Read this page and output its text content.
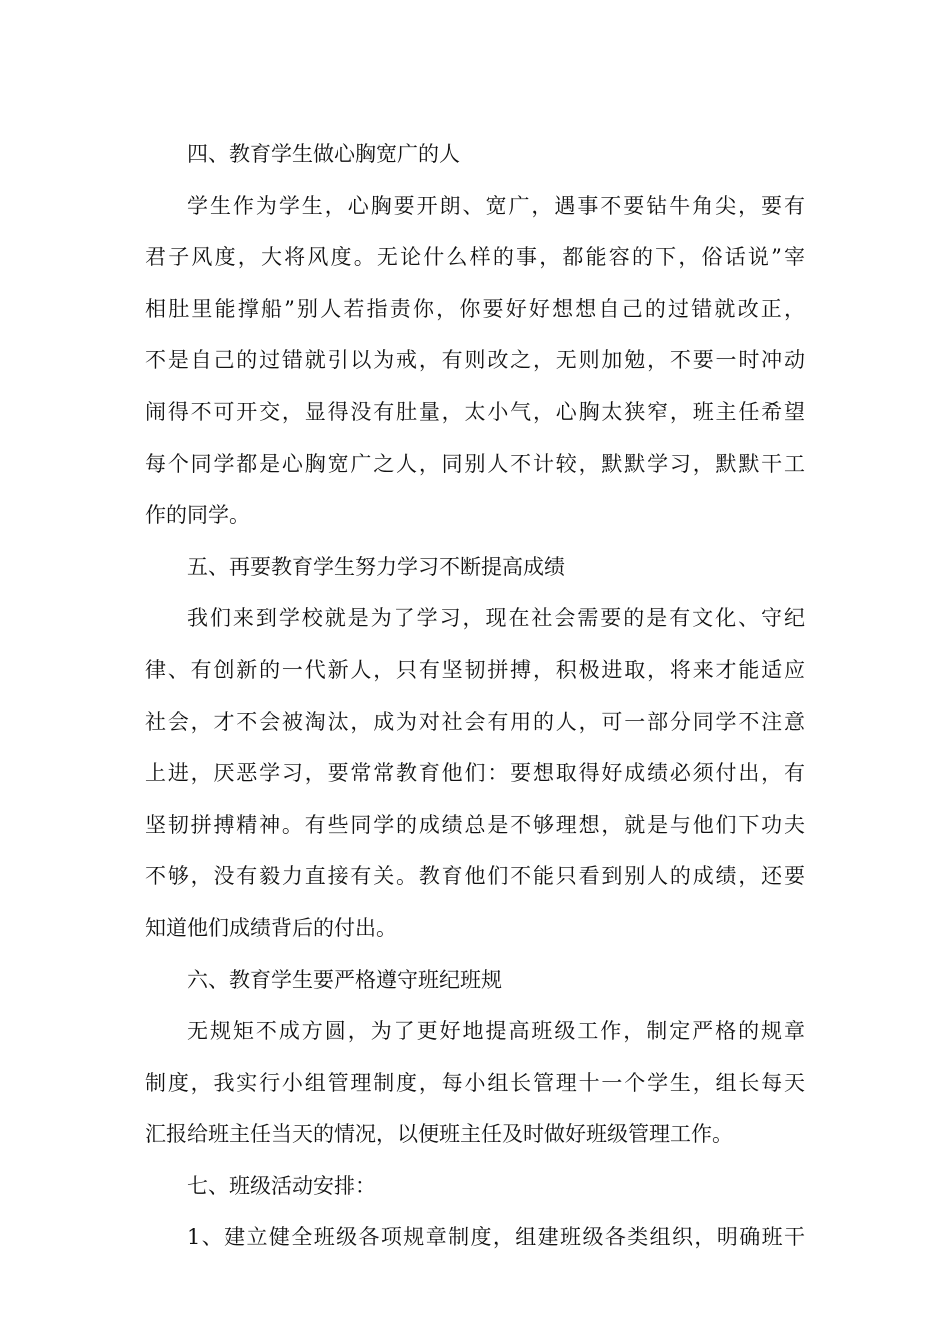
四、教育学生做心胸宽广的人
学生作为学生，心胸要开朗、宽广，遇事不要钻牛角尖，要有
君子风度，大将风度。无论什么样的事，都能容的下，俗话说”宰
相肚里能撑船”别人若指责你，你要好好想想自己的过错就改正，
不是自己的过错就引以为戒，有则改之，无则加勉，不要一时冲动
闹得不可开交，显得没有肚量，太小气，心胸太狭窄，班主任希望
每个同学都是心胸宽广之人，同别人不计较，默默学习，默默干工
作的同学。
五、再要教育学生努力学习不断提高成绩
我们来到学校就是为了学习，现在社会需要的是有文化、守纪
律、有创新的一代新人，只有坚韧拼搏，积极进取，将来才能适应
社会，才不会被淘汰，成为对社会有用的人，可一部分同学不注意
上进，厌恶学习，要常常教育他们：要想取得好成绩必须付出，有
坚韧拼搏精神。有些同学的成绩总是不够理想，就是与他们下功夫
不够，没有毅力直接有关。教育他们不能只看到别人的成绩，还要
知道他们成绩背后的付出。
六、教育学生要严格遵守班纪班规
无规矩不成方圆，为了更好地提高班级工作，制定严格的规章
制度，我实行小组管理制度，每小组长管理十一个学生，组长每天
汇报给班主任当天的情况，以便班主任及时做好班级管理工作。
七、班级活动安排：
1、建立健全班级各项规章制度，组建班级各类组织，明确班干
